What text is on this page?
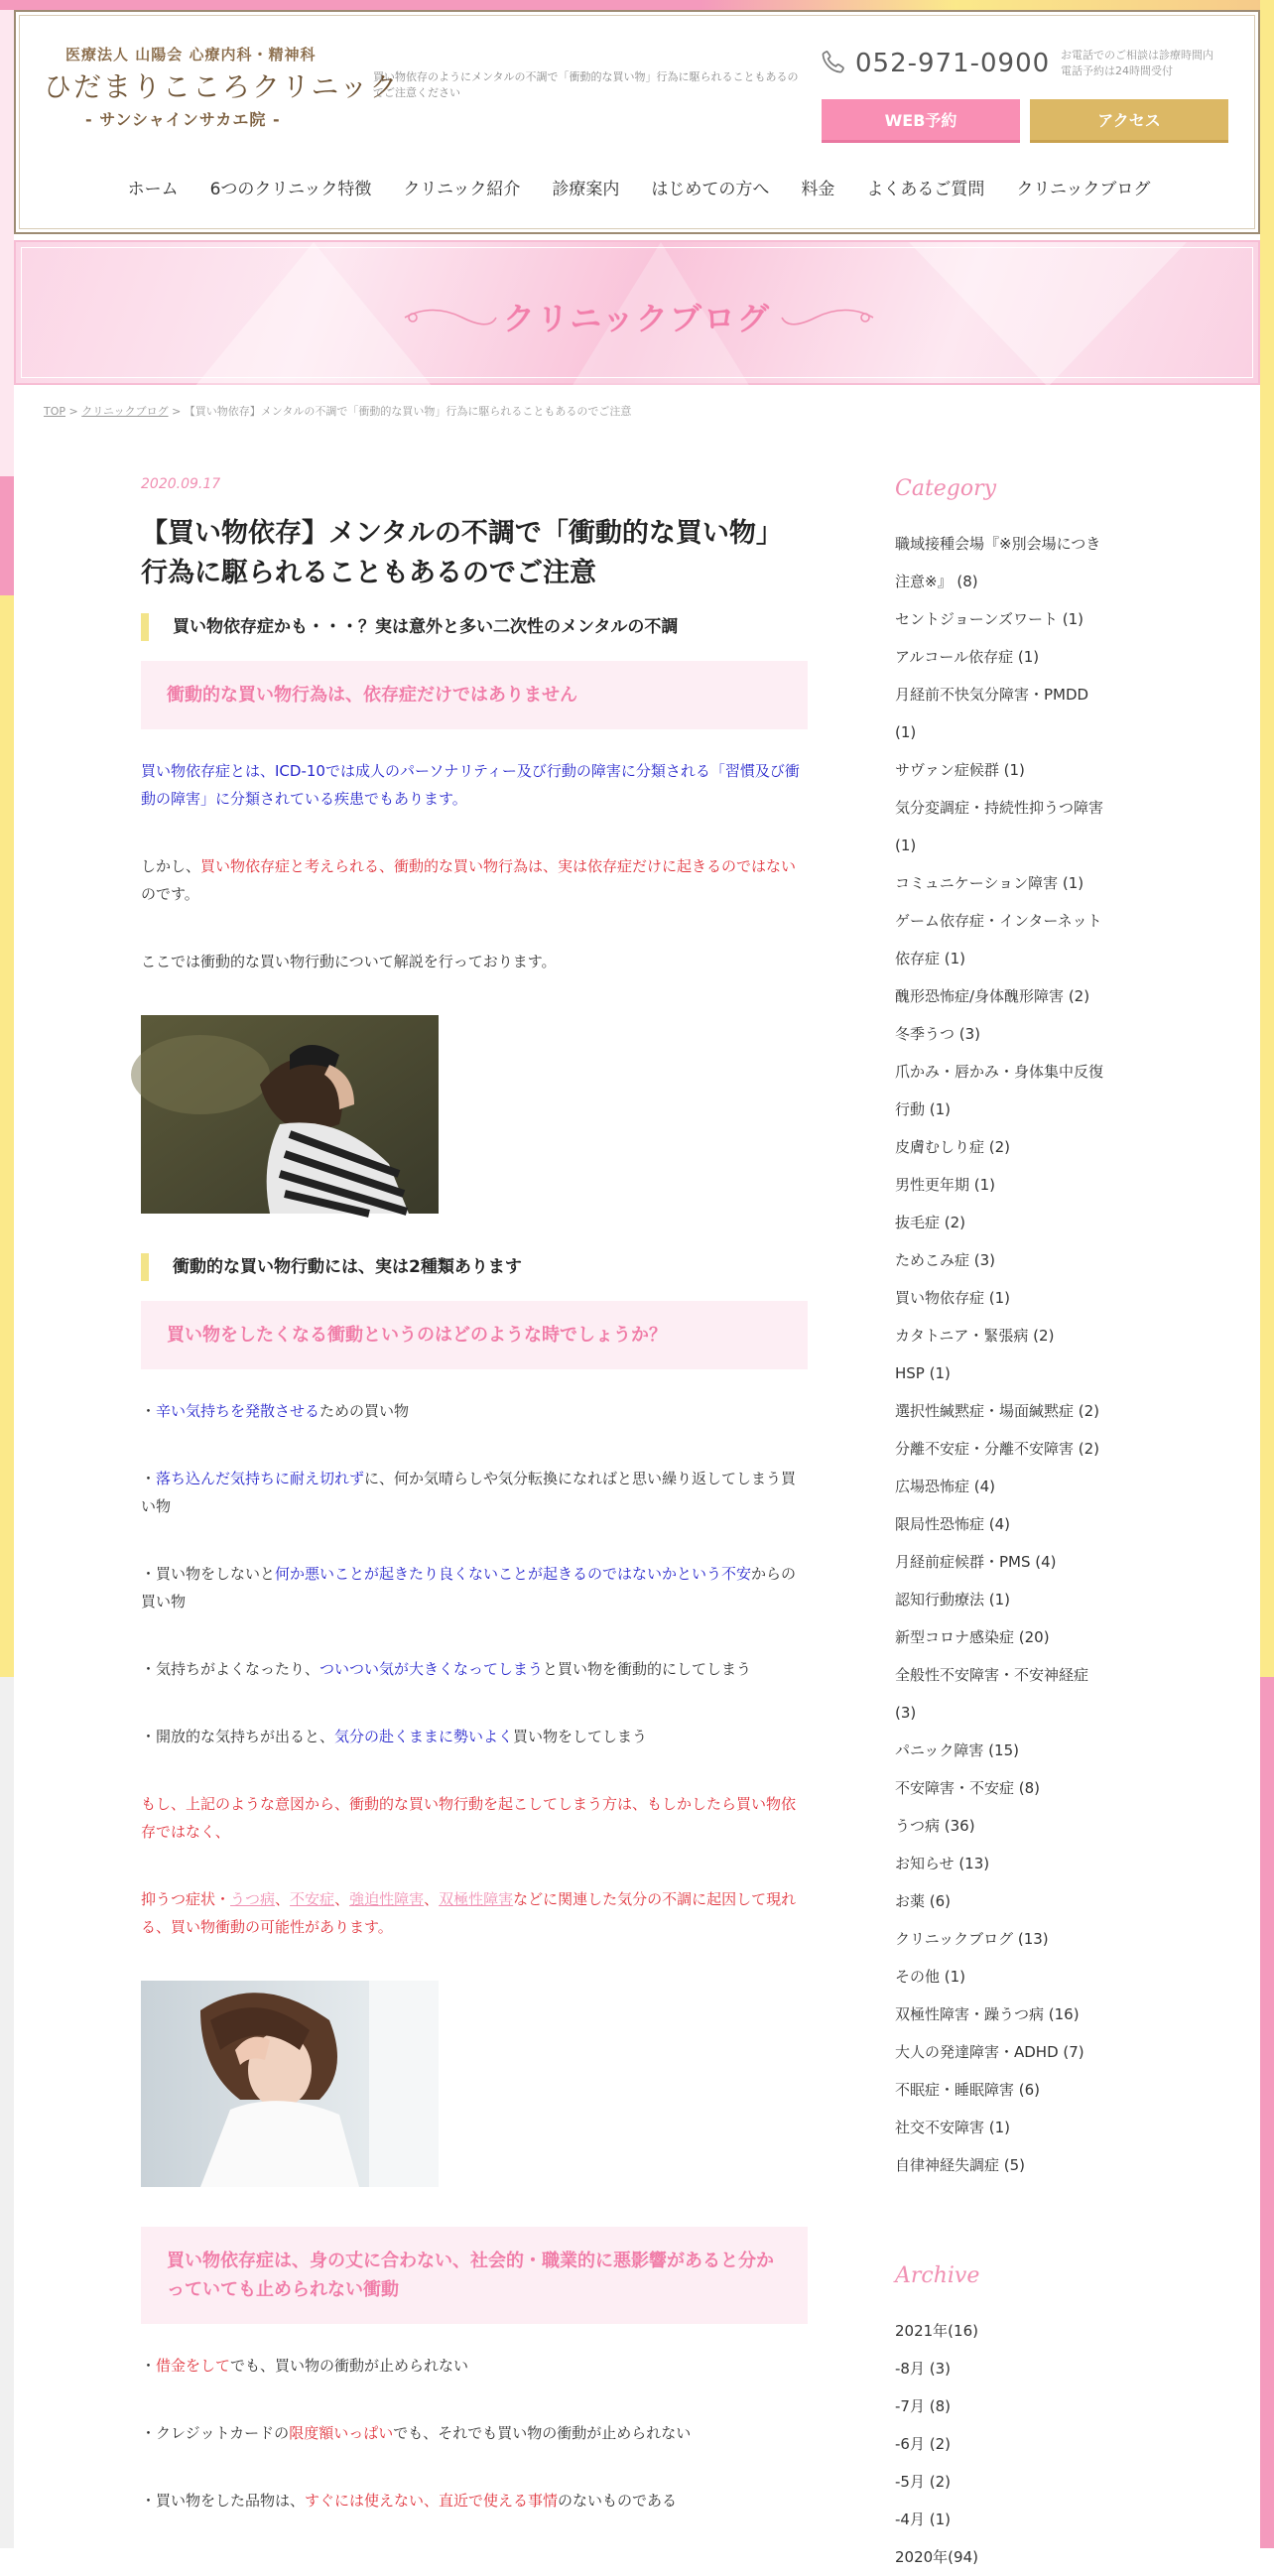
医療法人 山陽会 心療内科・精神科
ひだまりこころクリニック
- サンシャインサカエ院 -
買い物依存のようにメンタルの不調で「衝動的な買い物」行為に駆られることもあるのでご注意ください
052-971-0900 お電話でのご相談は診療時間内
電話予約は24時間受付
WEB予約	アクセス
ホーム 6つのクリニック特徴 クリニック紹介 診療案内 はじめての方へ 料金 よくあるご質問 クリニックブログ
クリニックブログ
TOP > クリニックブログ > 【買い物依存】メンタルの不調で「衝動的な買い物」行為に駆られることもあるのでご注意
2020.09.17
【買い物依存】メンタルの不調で「衝動的な買い物」行為に駆られることもあるのでご注意
買い物依存症かも・・・？実は意外と多い二次性のメンタルの不調
衝動的な買い物行為は、依存症だけではありません

買い物依存症とは、ICD-10では成人のパーソナリティー及び行動の障害に分類される「習慣及び衝動の障害」に分類されている疾患でもあります。

しかし、買い物依存症と考えられる、衝動的な買い物行為は、実は依存症だけに起きるのではないのです。

ここでは衝動的な買い物行動について解説を行っております。

衝動的な買い物行動には、実は2種類あります
買い物をしたくなる衝動というのはどのような時でしょうか？

・辛い気持ちを発散させるための買い物

・落ち込んだ気持ちに耐え切れずに、何か気晴らしや気分転換になればと思い繰り返してしまう買い物

・買い物をしないと何か悪いことが起きたり良くないことが起きるのではないかという不安からの買い物

・気持ちがよくなったり、ついつい気が大きくなってしまうと買い物を衝動的にしてしまう

・開放的な気持ちが出ると、気分の赴くままに勢いよく買い物をしてしまう

もし、上記のような意図から、衝動的な買い物行動を起こしてしまう方は、もしかしたら買い物依存ではなく、

抑うつ症状・うつ病、不安症、強迫性障害、双極性障害などに関連した気分の不調に起因して現れる、買い物衝動の可能性があります。

買い物依存症は、身の丈に合わない、社会的・職業的に悪影響があると分かっていても止められない衝動

・借金をしてでも、買い物の衝動が止められない

・クレジットカードの限度額いっぱいでも、それでも買い物の衝動が止められない

・買い物をした品物は、すぐには使えない、直近で使える事情のないものである

Category
職域接種会場『※別会場につき
注意※』 (8)
セントジョーンズワート (1)
アルコール依存症 (1)
月経前不快気分障害・PMDD
(1)
サヴァン症候群 (1)
気分変調症・持続性抑うつ障害
(1)
コミュニケーション障害 (1)
ゲーム依存症・インターネット
依存症 (1)
醜形恐怖症/身体醜形障害 (2)
冬季うつ (3)
爪かみ・唇かみ・身体集中反復
行動 (1)
皮膚むしり症 (2)
男性更年期 (1)
抜毛症 (2)
ためこみ症 (3)
買い物依存症 (1)
カタトニア・緊張病 (2)
HSP (1)
選択性緘黙症・場面緘黙症 (2)
分離不安症・分離不安障害 (2)
広場恐怖症 (4)
限局性恐怖症 (4)
月経前症候群・PMS (4)
認知行動療法 (1)
新型コロナ感染症 (20)
全般性不安障害・不安神経症
(3)
パニック障害 (15)
不安障害・不安症 (8)
うつ病 (36)
お知らせ (13)
お薬 (6)
クリニックブログ (13)
その他 (1)
双極性障害・躁うつ病 (16)
大人の発達障害・ADHD (7)
不眠症・睡眠障害 (6)
社交不安障害 (1)
自律神経失調症 (5)
Archive
2021年(16)
-8月 (3)
-7月 (8)
-6月 (2)
-5月 (2)
-4月 (1)
2020年(94)
